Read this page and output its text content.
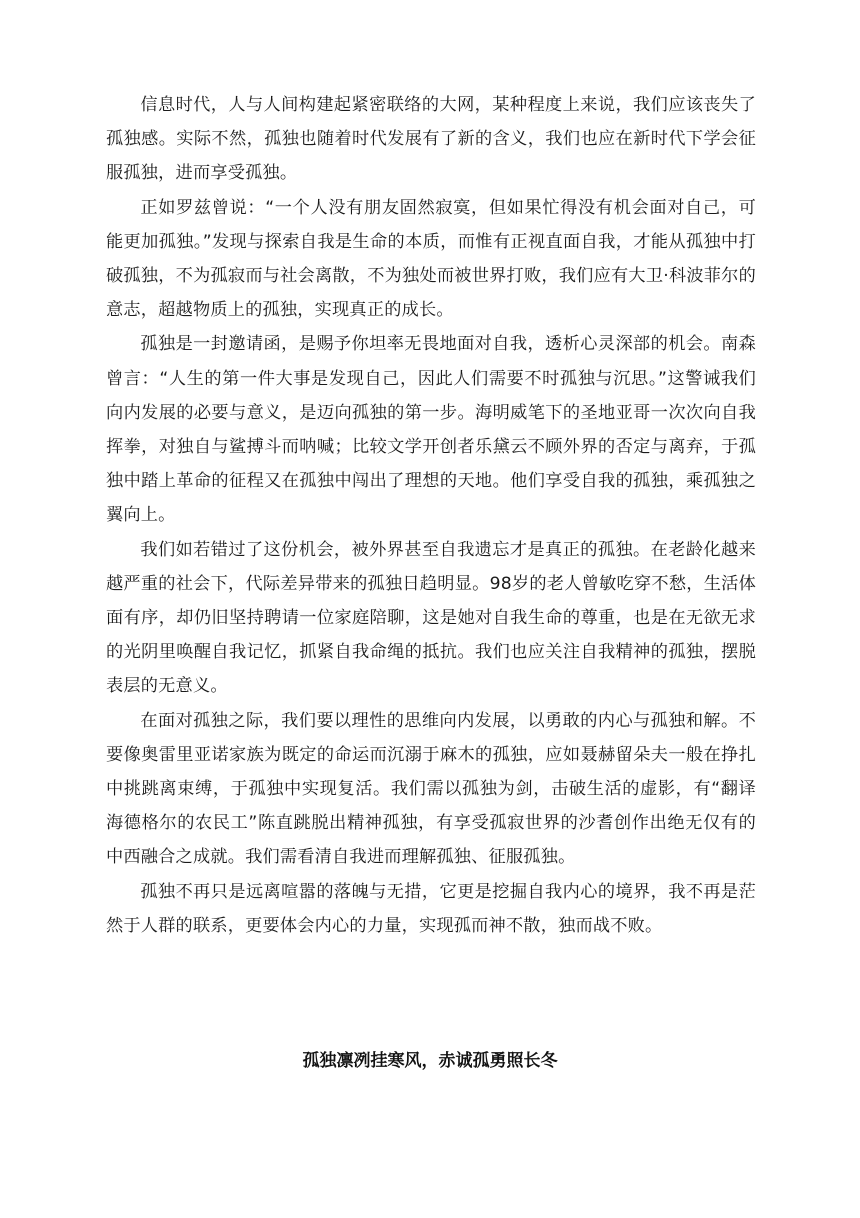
信息时代，人与人间构建起紧密联络的大网，某种程度上来说，我们应该丧失了孤独感。实际不然，孤独也随着时代发展有了新的含义，我们也应在新时代下学会征服孤独，进而享受孤独。

正如罗兹曾说：“一个人没有朋友固然寂寞，但如果忙得没有机会面对自己，可能更加孤独。”发现与探索自我是生命的本质，而惟有正视直面自我，才能从孤独中打破孤独，不为孤寂而与社会离散，不为独处而被世界打败，我们应有大卫·科波菲尔的意志，超越物质上的孤独，实现真正的成长。

孤独是一封邀请函，是赐予你坦率无畏地面对自我，透析心灵深部的机会。南森曾言：“人生的第一件大事是发现自己，因此人们需要不时孤独与沉思。”这警诫我们向内发展的必要与意义，是迈向孤独的第一步。海明威笔下的圣地亚哥一次次向自我挥拳，对独自与鲨搏斗而呐喊；比较文学开创者乐黛云不顾外界的否定与离弃，于孤独中踏上革命的征程又在孤独中闯出了理想的天地。他们享受自我的孤独，乘孤独之翼向上。

我们如若错过了这份机会，被外界甚至自我遗忘才是真正的孤独。在老龄化越来越严重的社会下，代际差异带来的孤独日趋明显。98岁的老人曾敏吃穿不愁，生活体面有序，却仍旧坚持聘请一位家庭陪聊，这是她对自我生命的尊重，也是在无欲无求的光阴里唤醒自我记忆，抓紧自我命绳的抵抗。我们也应关注自我精神的孤独，摆脱表层的无意义。

在面对孤独之际，我们要以理性的思维向内发展，以勇敢的内心与孤独和解。不要像奥雷里亚诺家族为既定的命运而沉溺于麻木的孤独，应如聂赫留朵夫一般在挣扎中挑跳离束缚，于孤独中实现复活。我们需以孤独为剑，击破生活的虚影，有“翻译海德格尔的农民工”陈直跳脱出精神孤独，有享受孤寂世界的沙耆创作出绝无仅有的中西融合之成就。我们需看清自我进而理解孤独、征服孤独。

孤独不再只是远离喧嚣的落魄与无措，它更是挖掘自我内心的境界，我不再是茫然于人群的联系，更要体会内心的力量，实现孤而神不散，独而战不败。

孤独凛冽挂寒风，赤诚孤勇照长冬
